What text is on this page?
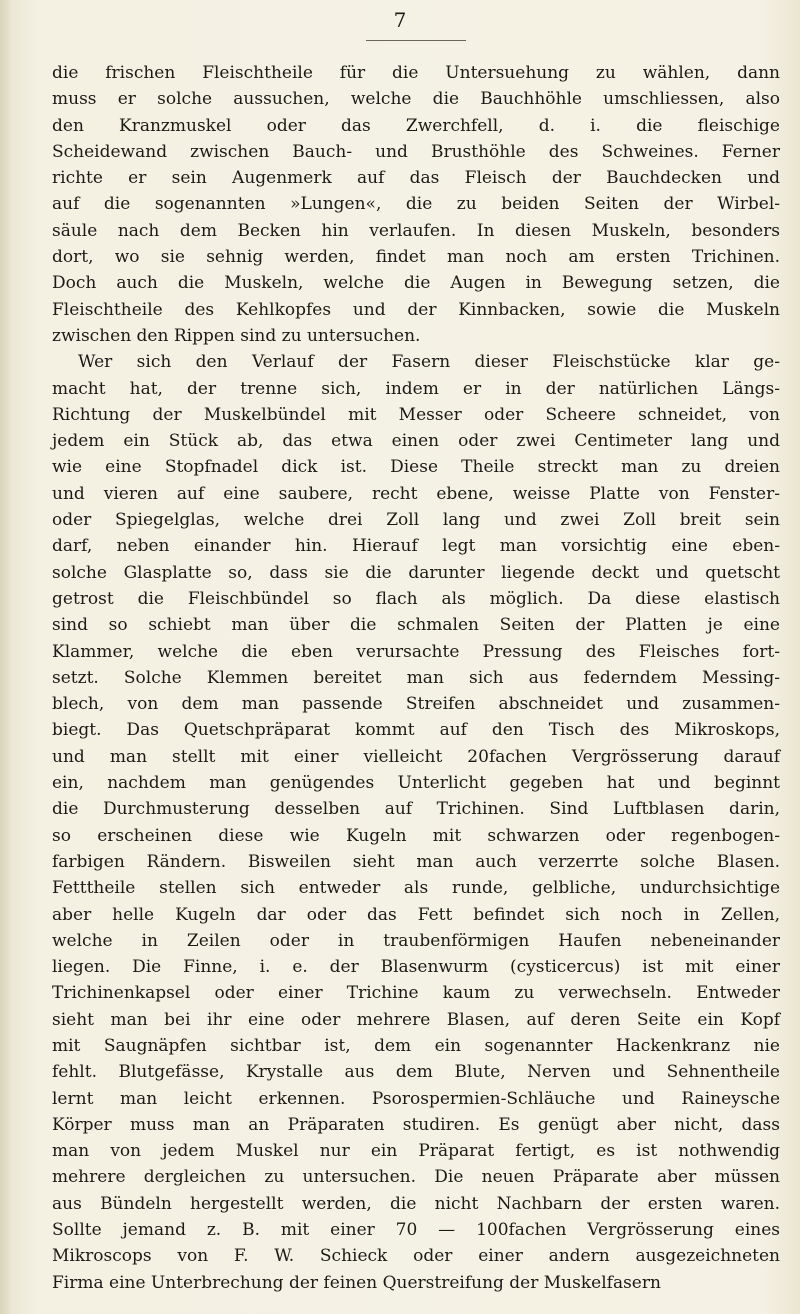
7

die frischen Fleischtheile für die Untersuehung zu wählen, dann

muss er solche aussuchen, welche die Bauchhöhle umschliessen, also

den Kranzmuskel oder das Zwerchfell, d. i. die fleischige

Scheidewand zwischen Bauch- und Brusthöhle des Schweines. Ferner

richte er sein Augenmerk auf das Fleisch der Bauchdecken und

auf die sogenannten »Lungen«, die zu beiden Seiten der Wirbel-

säule nach dem Becken hin verlaufen. In diesen Muskeln, besonders

dort, wo sie sehnig werden, findet man noch am ersten Trichinen.

Doch auch die Muskeln, welche die Augen in Bewegung setzen, die

Fleischtheile des Kehlkopfes und der Kinnbacken, sowie die Muskeln

zwischen den Rippen sind zu untersuchen.

Wer sich den Verlauf der Fasern dieser Fleischstücke klar ge-

macht hat, der trenne sich, indem er in der natürlichen Längs-

Richtung der Muskelbündel mit Messer oder Scheere schneidet, von

jedem ein Stück ab, das etwa einen oder zwei Centimeter lang und

wie eine Stopfnadel dick ist. Diese Theile streckt man zu dreien

und vieren auf eine saubere, recht ebene, weisse Platte von Fenster-

oder Spiegelglas, welche drei Zoll lang und zwei Zoll breit sein

darf, neben einander hin. Hierauf legt man vorsichtig eine eben-

solche Glasplatte so, dass sie die darunter liegende deckt und quetscht

getrost die Fleischbündel so flach als möglich. Da diese elastisch

sind so schiebt man über die schmalen Seiten der Platten je eine

Klammer, welche die eben verursachte Pressung des Fleisches fort-

setzt. Solche Klemmen bereitet man sich aus federndem Messing-

blech, von dem man passende Streifen abschneidet und zusammen-

biegt. Das Quetschpräparat kommt auf den Tisch des Mikroskops,

und man stellt mit einer vielleicht 20fachen Vergrösserung darauf

ein, nachdem man genügendes Unterlicht gegeben hat und beginnt

die Durchmusterung desselben auf Trichinen. Sind Luftblasen darin,

so erscheinen diese wie Kugeln mit schwarzen oder regenbogen-

farbigen Rändern. Bisweilen sieht man auch verzerrte solche Blasen.

Fetttheile stellen sich entweder als runde, gelbliche, undurchsichtige

aber helle Kugeln dar oder das Fett befindet sich noch in Zellen,

welche in Zeilen oder in traubenförmigen Haufen nebeneinander

liegen. Die Finne, i. e. der Blasenwurm (cysticercus) ist mit einer

Trichinenkapsel oder einer Trichine kaum zu verwechseln. Entweder

sieht man bei ihr eine oder mehrere Blasen, auf deren Seite ein Kopf

mit Saugnäpfen sichtbar ist, dem ein sogenannter Hackenkranz nie

fehlt. Blutgefässe, Krystalle aus dem Blute, Nerven und Sehnentheile

lernt man leicht erkennen. Psorospermien-Schläuche und Raineysche

Körper muss man an Präparaten studiren. Es genügt aber nicht, dass

man von jedem Muskel nur ein Präparat fertigt, es ist nothwendig

mehrere dergleichen zu untersuchen. Die neuen Präparate aber müssen

aus Bündeln hergestellt werden, die nicht Nachbarn der ersten waren.

Sollte jemand z. B. mit einer 70 — 100fachen Vergrösserung eines

Mikroscops von F. W. Schieck oder einer andern ausgezeichneten

Firma eine Unterbrechung der feinen Querstreifung der Muskelfasern
